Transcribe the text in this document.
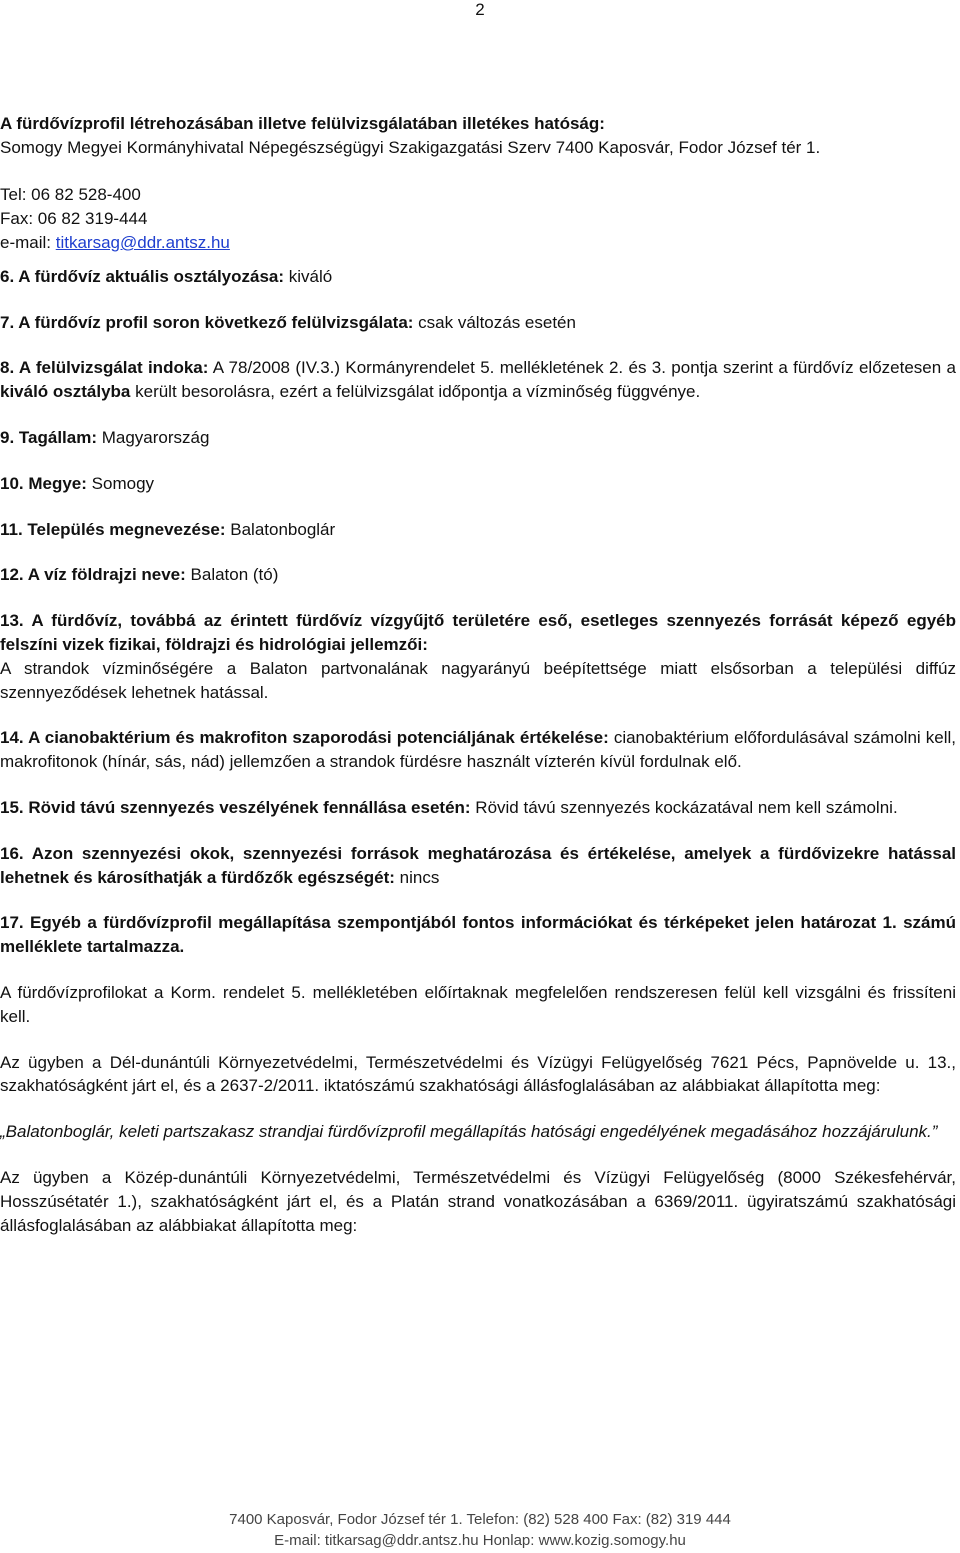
2

A fürdővízprofil létrehozásában illetve felülvizsgálatában illetékes hatóság:

Somogy Megyei Kormányhivatal Népegészségügyi Szakigazgatási Szerv 7400 Kaposvár, Fodor József tér 1.

Tel: 06 82 528-400

Fax: 06 82 319-444

e-mail: titkarsag@ddr.antsz.hu

6. A fürdővíz aktuális osztályozása: kiváló

7. A fürdővíz profil soron következő felülvizsgálata: csak változás esetén

8. A felülvizsgálat indoka: A 78/2008 (IV.3.) Kormányrendelet 5. mellékletének 2. és 3. pontja szerint a fürdővíz előzetesen a kiváló osztályba került besorolásra, ezért a felülvizsgálat időpontja a vízminőség függvénye.

9. Tagállam: Magyarország

10. Megye: Somogy

11. Település megnevezése: Balatonboglár

12. A víz földrajzi neve: Balaton (tó)

13. A fürdővíz, továbbá az érintett fürdővíz vízgyűjtő területére eső, esetleges szennyezés forrását képező egyéb felszíni vizek fizikai, földrajzi és hidrológiai jellemzői:

A strandok vízminőségére a Balaton partvonalának nagyarányú beépítettsége miatt elsősorban a települési diffúz szennyeződések lehetnek hatással.

14. A cianobaktérium és makrofiton szaporodási potenciáljának értékelése: cianobaktérium előfordulásával számolni kell, makrofitonok (hínár, sás, nád) jellemzően a strandok fürdésre használt vízterén kívül fordulnak elő.

15. Rövid távú szennyezés veszélyének fennállása esetén: Rövid távú szennyezés kockázatával nem kell számolni.

16. Azon szennyezési okok, szennyezési források meghatározása és értékelése, amelyek a fürdővizekre hatással lehetnek és károsíthatják a fürdőzők egészségét: nincs

17. Egyéb a fürdővízprofil megállapítása szempontjából fontos információkat és térképeket jelen határozat 1. számú melléklete tartalmazza.

A fürdővízprofilokat a Korm. rendelet 5. mellékletében előírtaknak megfelelően rendszeresen felül kell vizsgálni és frissíteni kell.

Az ügyben a Dél-dunántúli Környezetvédelmi, Természetvédelmi és Vízügyi Felügyelőség 7621 Pécs, Papnövelde u. 13., szakhatóságként járt el, és a 2637-2/2011. iktatószámú szakhatósági állásfoglalásában az alábbiakat állapította meg:

„Balatonboglár, keleti partszakasz strandjai fürdővízprofil megállapítás hatósági engedélyének megadásához hozzájárulunk.”

Az ügyben a Közép-dunántúli Környezetvédelmi, Természetvédelmi és Vízügyi Felügyelőség (8000 Székesfehérvár, Hosszúsétatér 1.), szakhatóságként járt el, és a Platán strand vonatkozásában a 6369/2011. ügyiratszámú szakhatósági állásfoglalásában az alábbiakat állapította meg:

7400 Kaposvár, Fodor József tér 1. Telefon: (82) 528 400 Fax: (82) 319 444
E-mail: titkarsag@ddr.antsz.hu Honlap: www.kozig.somogy.hu
